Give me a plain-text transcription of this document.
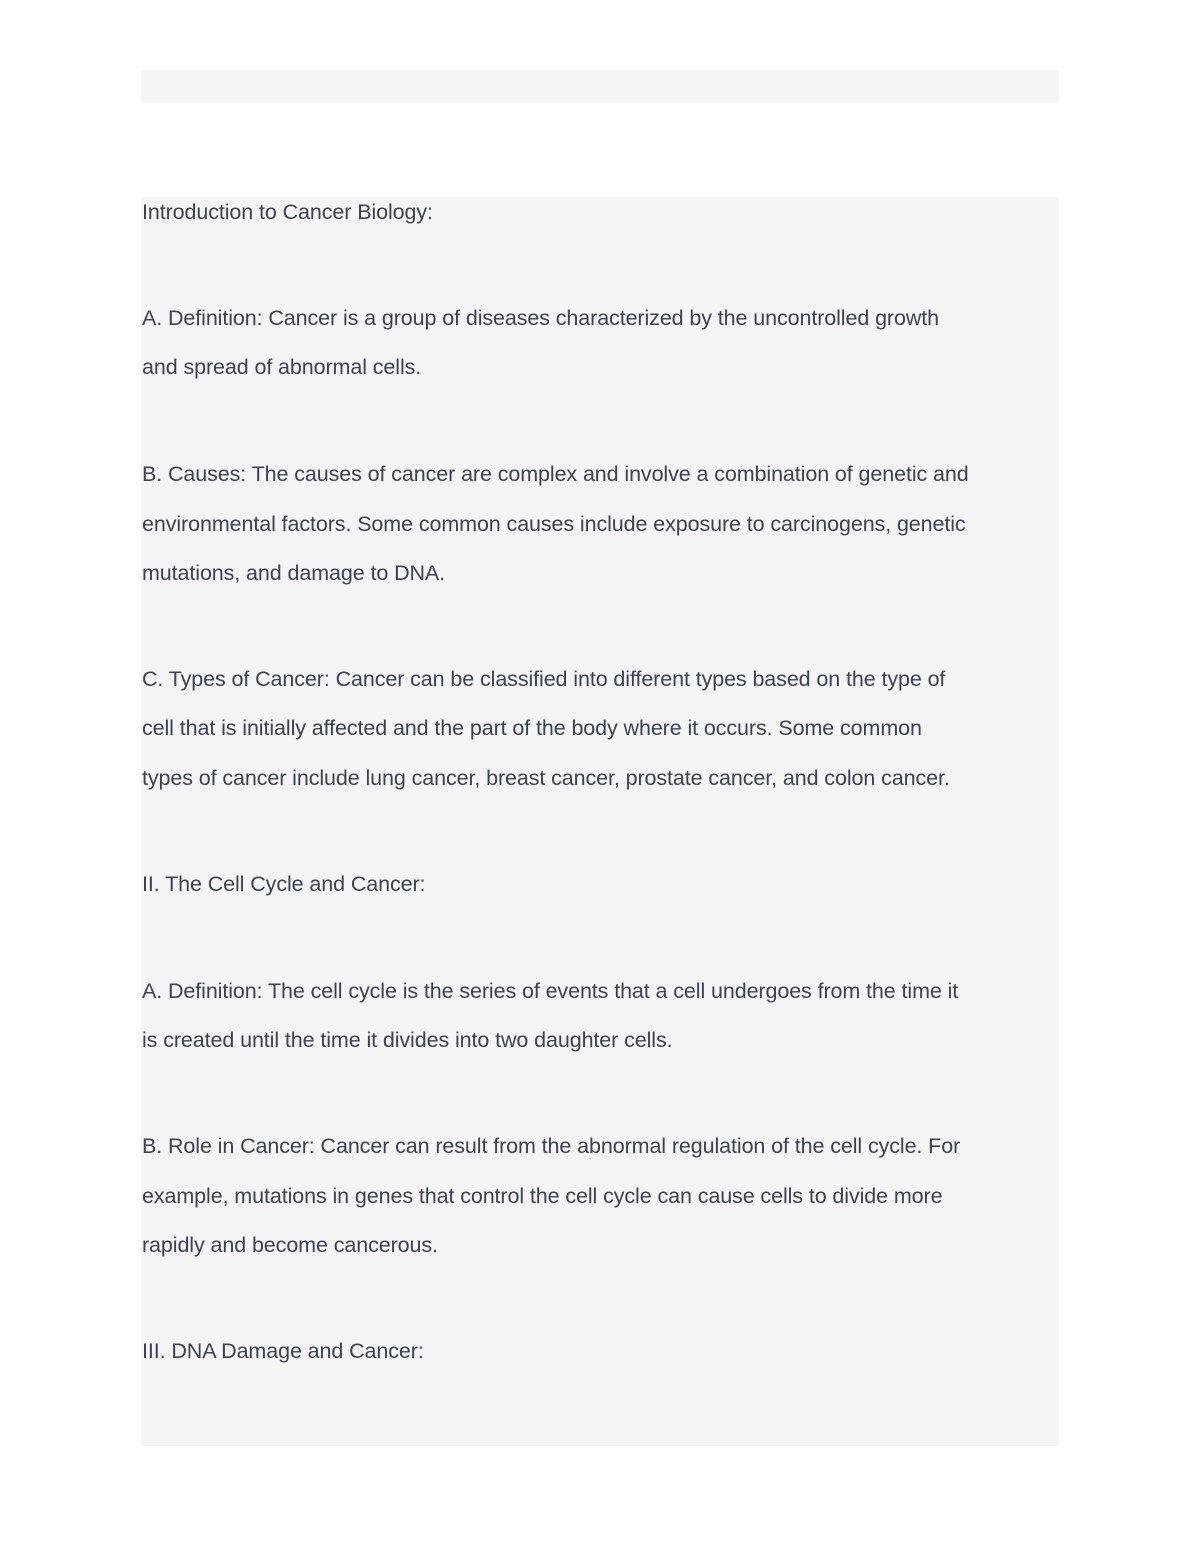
Introduction to Cancer Biology:

A. Definition: Cancer is a group of diseases characterized by the uncontrolled growth

and spread of abnormal cells.

B. Causes: The causes of cancer are complex and involve a combination of genetic and

environmental factors. Some common causes include exposure to carcinogens, genetic

mutations, and damage to DNA.

C. Types of Cancer: Cancer can be classified into different types based on the type of

cell that is initially affected and the part of the body where it occurs. Some common

types of cancer include lung cancer, breast cancer, prostate cancer, and colon cancer.

II. The Cell Cycle and Cancer:

A. Definition: The cell cycle is the series of events that a cell undergoes from the time it

is created until the time it divides into two daughter cells.

B. Role in Cancer: Cancer can result from the abnormal regulation of the cell cycle. For

example, mutations in genes that control the cell cycle can cause cells to divide more

rapidly and become cancerous.

III. DNA Damage and Cancer:
